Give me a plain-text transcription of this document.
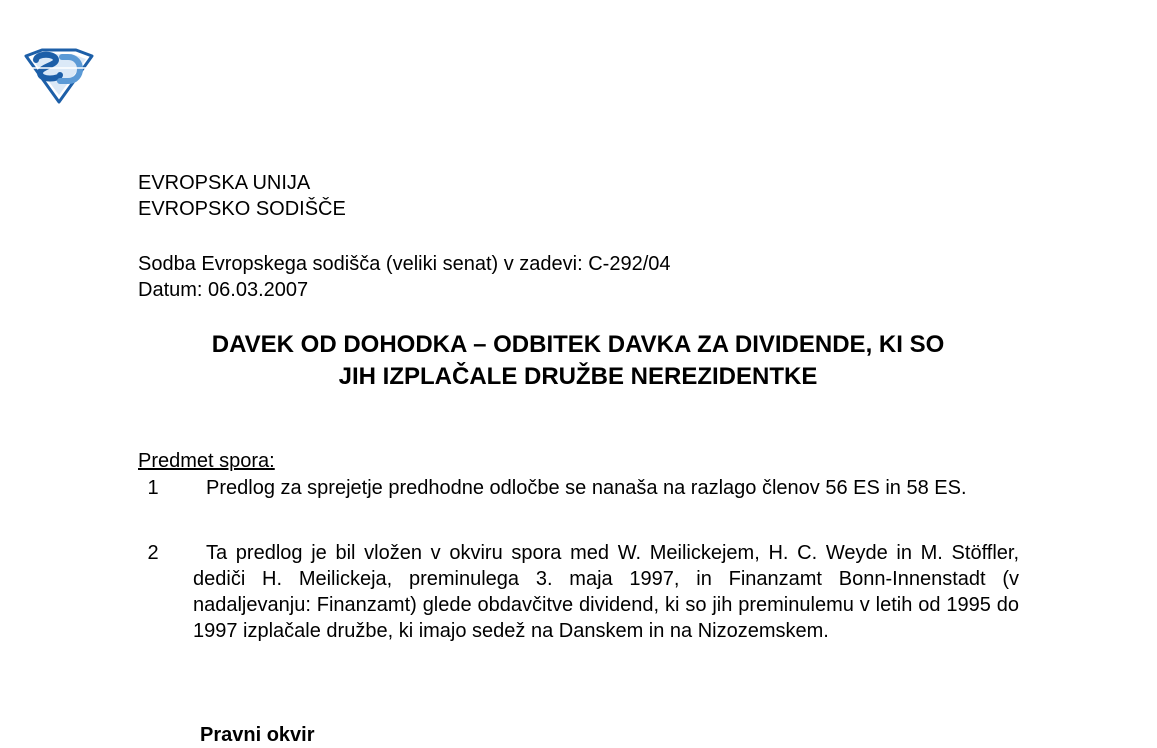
EVROPSKA UNIJA
EVROPSKO SODIŠČE
Sodba Evropskega sodišča (veliki senat) v zadevi: C-292/04
Datum: 06.03.2007
DAVEK OD DOHODKA – ODBITEK DAVKA ZA DIVIDENDE, KI SO
JIH IZPLAČALE DRUŽBE NEREZIDENTKE
Predmet spora:
1	Predlog za sprejetje predhodne odločbe se nanaša na razlago členov 56 ES in 58 ES.
2	Ta predlog je bil vložen v okviru spora med W. Meilickejem, H. C. Weyde in M. Stöffler, dediči H. Meilickeja, preminulega 3. maja 1997, in Finanzamt Bonn-Innenstadt (v nadaljevanju: Finanzamt) glede obdavčitve dividend, ki so jih preminulemu v letih od 1995 do 1997 izplačale družbe, ki imajo sedež na Danskem in na Nizozemskem.
Pravni okvir
